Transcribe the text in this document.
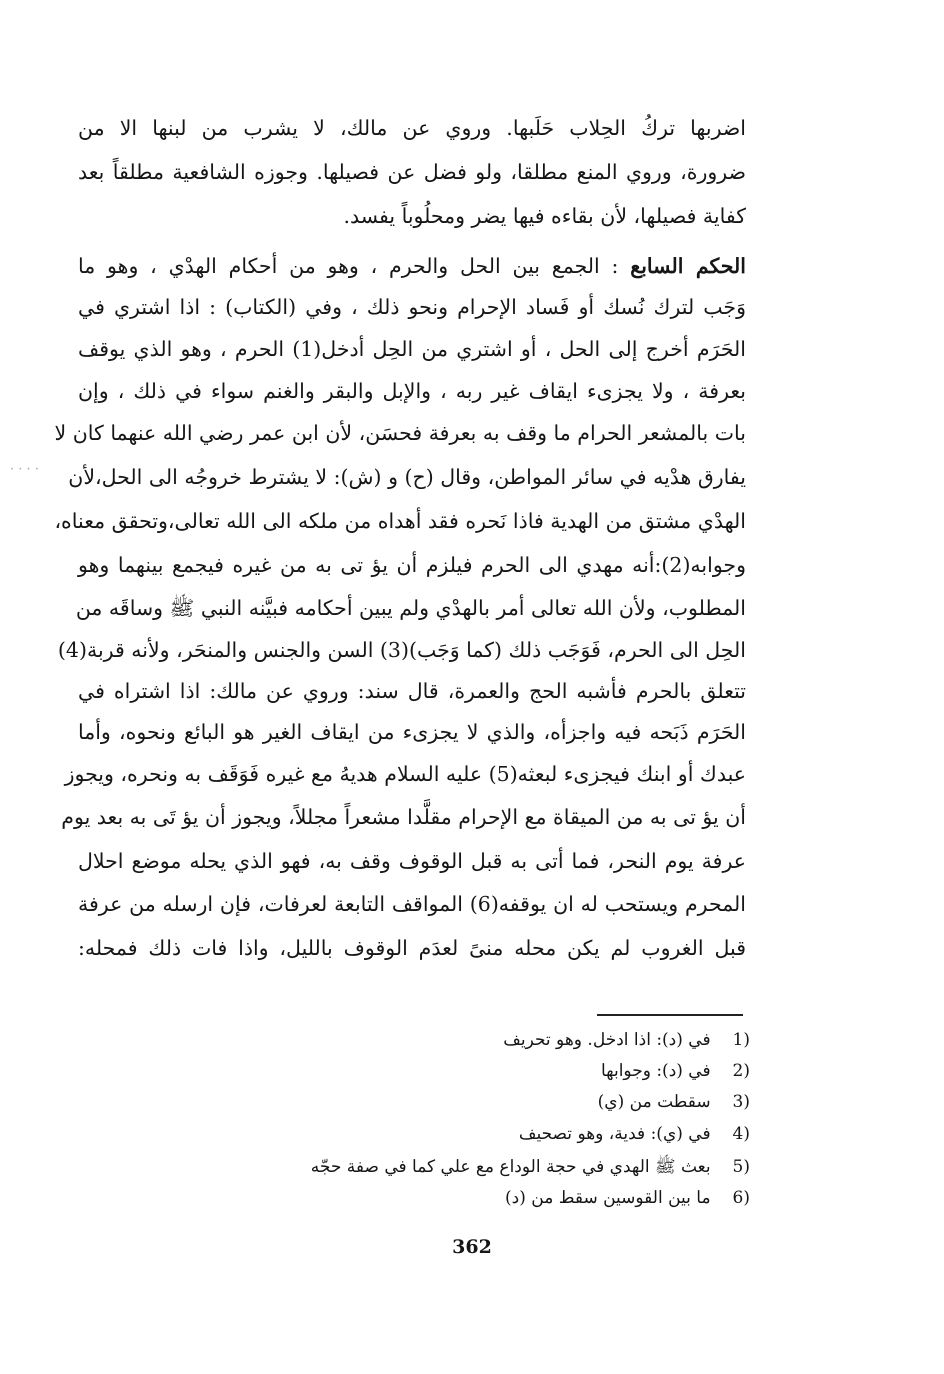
اضربها تركُ الحِلاب حَلَبها. وروي عن مالك، لا يشرب من لبنها الا من
ضرورة، وروي المنع مطلقا، ولو فضل عن فصيلها. وجوزه الشافعية مطلقاً بعد
كفاية فصيلها، لأن بقاءه فيها يضر ومحلُوباً يفسد.
الحكم السابع : الجمع بين الحل والحرم ، وهو من أحكام الهدْي ، وهو ما
وَجَب لترك نُسك أو فَساد الإحرام ونحو ذلك ، وفي (الكتاب) : اذا اشتري في
الحَرَم أخرج إلى الحل ، أو اشتري من الحِل أدخل(1) الحرم ، وهو الذي يوقف
بعرفة ، ولا يجزىء ايقاف غير ربه ، والإبل والبقر والغنم سواء في ذلك ، وإن
بات بالمشعر الحرام ما وقف به بعرفة فحسَن، لأن ابن عمر رضي الله عنهما كان لا
يفارق هدْيه في سائر المواطن، وقال (ح) و (ش): لا يشترط خروجُه الى الحل،لأن
الهدْي مشتق من الهدية فاذا نَحره فقد أهداه من ملكه الى الله تعالى،وتحقق معناه،
وجوابه(2):أنه مهدي الى الحرم فيلزم أن يؤ تى به من غيره فيجمع بينهما وهو
المطلوب، ولأن الله تعالى أمر بالهدْي ولم يبين أحكامه فبيَّنه النبي ﷺ وساقَه من
الحِل الى الحرم، فَوَجَب ذلك (كما وَجَب)(3) السن والجنس والمنحَر، ولأنه قربة(4)
تتعلق بالحرم فأشبه الحج والعمرة، قال سند: وروي عن مالك: اذا اشتراه في
الحَرَم ذَبَحه فيه واجزأه، والذي لا يجزىء من ايقاف الغير هو البائع ونحوه، وأما
عبدك أو ابنك فيجزىء لبعثه(5) عليه السلام هديهُ مع غيره فَوَقَف به ونحره، ويجوز
أن يؤ تى به من الميقاة مع الإحرام مقلَّدا مشعراً مجللاً، ويجوز أن يؤ تَى به بعد يوم
عرفة يوم النحر، فما أتى به قبل الوقوف وقف به، فهو الذي يحله موضع احلال
المحرم ويستحب له ان يوقفه(6) المواقف التابعة لعرفات، فإن ارسله من عرفة
قبل الغروب لم يكن محله منىً لعدَم الوقوف بالليل، واذا فات ذلك فمحله:
1) في (د): اذا ادخل. وهو تحريف
2) في (د): وجوابها
3) سقطت من (ي)
4) في (ي): فدية، وهو تصحيف
5) بعث ﷺ الهدي في حجة الوداع مع علي كما في صفة حجّه
6) ما بين القوسين سقط من (د)
362
· · · ·
